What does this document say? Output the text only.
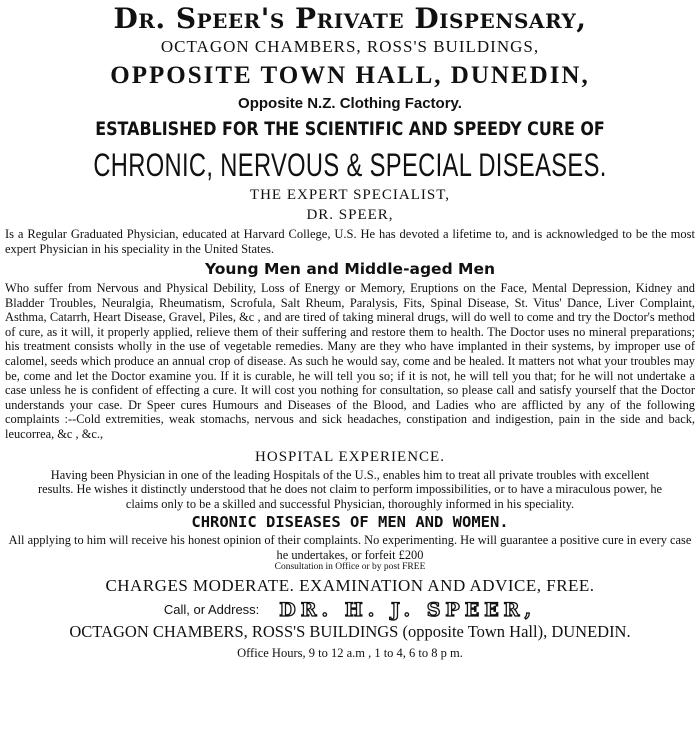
Dr. Speer's Private Dispensary,
OCTAGON CHAMBERS, ROSS'S BUILDINGS,
OPPOSITE TOWN HALL, DUNEDIN,
Opposite N.Z. Clothing Factory.
ESTABLISHED FOR THE SCIENTIFIC AND SPEEDY CURE OF
CHRONIC, NERVOUS & SPECIAL DISEASES.
THE EXPERT SPECIALIST,
DR. SPEER,
Is a Regular Graduated Physician, educated at Harvard College, U.S. He has devoted a lifetime to, and is acknowledged to be the most expert Physician in his speciality in the United States.
Young Men and Middle-aged Men
Who suffer from Nervous and Physical Debility, Loss of Energy or Memory, Eruptions on the Face, Mental Depression, Kidney and Bladder Troubles, Neuralgia, Rheumatism, Scrofula, Salt Rheum, Paralysis, Fits, Spinal Disease, St. Vitus' Dance, Liver Complaint, Asthma, Catarrh, Heart Disease, Gravel, Piles, &c , and are tired of taking mineral drugs, will do well to come and try the Doctor's method of cure, as it will, it properly applied, relieve them of their suffering and restore them to health. The Doctor uses no mineral preparations; his treatment consists wholly in the use of vegetable remedies. Many are they who have implanted in their systems, by improper use of calomel, seeds which produce an annual crop of disease. As such he would say, come and be healed. It matters not what your troubles may be, come and let the Doctor examine you. If it is curable, he will tell you so; if it is not, he will tell you that; for he will not undertake a case unless he is confident of effecting a cure. It will cost you nothing for consultation, so please call and satisfy yourself that the Doctor understands your case. Dr Speer cures Humours and Diseases of the Blood, and Ladies who are afflicted by any of the following complaints :--Cold extremities, weak stomachs, nervous and sick headaches, constipation and indigestion, pain in the side and back, leucorrea, &c , &c.,
HOSPITAL EXPERIENCE.
Having been Physician in one of the leading Hospitals of the U.S., enables him to treat all private troubles with excellent results. He wishes it distinctly understood that he does not claim to perform impossibilities, or to have a miraculous power, he claims only to be a skilled and successful Physician, thoroughly informed in his speciality.
CHRONIC DISEASES OF MEN AND WOMEN.
All applying to him will receive his honest opinion of their complaints. No experimenting. He will guarantee a positive cure in every case he undertakes, or forfeit £200
Consultation in Office or by post FREE
CHARGES MODERATE. EXAMINATION AND ADVICE, FREE.
Call, or Address: DR. H. J. SPEER,
OCTAGON CHAMBERS, ROSS'S BUILDINGS (opposite Town Hall), DUNEDIN.
Office Hours, 9 to 12 a.m , 1 to 4, 6 to 8 p m.
